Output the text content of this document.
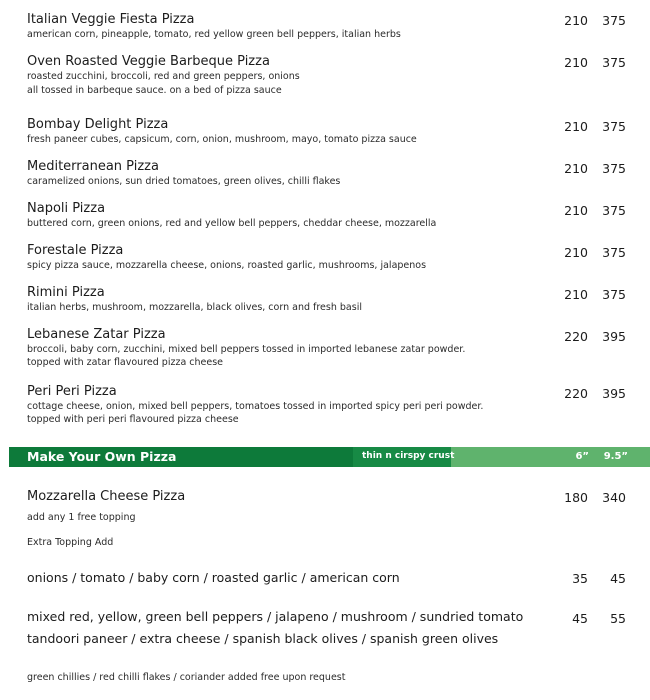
Italian Veggie Fiesta Pizza
american corn, pineapple, tomato, red yellow green bell peppers, italian herbs
210	375
Oven Roasted Veggie Barbeque Pizza
roasted zucchini, broccoli, red and green peppers, onions
all tossed in barbeque sauce. on a bed of pizza sauce
210	375
Bombay Delight Pizza
fresh paneer cubes, capsicum, corn, onion, mushroom, mayo, tomato pizza sauce
210	375
Mediterranean Pizza
caramelized onions, sun dried tomatoes, green olives, chilli flakes
210	375
Napoli Pizza
buttered corn, green onions, red and yellow bell peppers, cheddar cheese, mozzarella
210	375
Forestale Pizza
spicy pizza sauce, mozzarella cheese, onions, roasted garlic, mushrooms, jalapenos
210	375
Rimini Pizza
italian herbs, mushroom, mozzarella, black olives, corn and fresh basil
210	375
Lebanese Zatar Pizza
broccoli, baby corn, zucchini, mixed bell peppers tossed in imported lebanese zatar powder.
topped with zatar flavoured pizza cheese
220	395
Peri Peri Pizza
cottage cheese, onion, mixed bell peppers, tomatoes tossed in imported spicy peri peri powder.
topped with peri peri flavoured pizza cheese
220	395
Make Your Own Pizza	thin n cirspy crust	6”	9.5”
Mozzarella Cheese Pizza	180	340
add any 1 free topping
Extra Topping Add
onions / tomato / baby corn / roasted garlic / american corn	35	45
mixed red, yellow, green bell peppers / jalapeno / mushroom / sundried tomato
tandoori paneer / extra cheese / spanish black olives / spanish green olives
45	55
green chillies / red chilli flakes / coriander added free upon request
